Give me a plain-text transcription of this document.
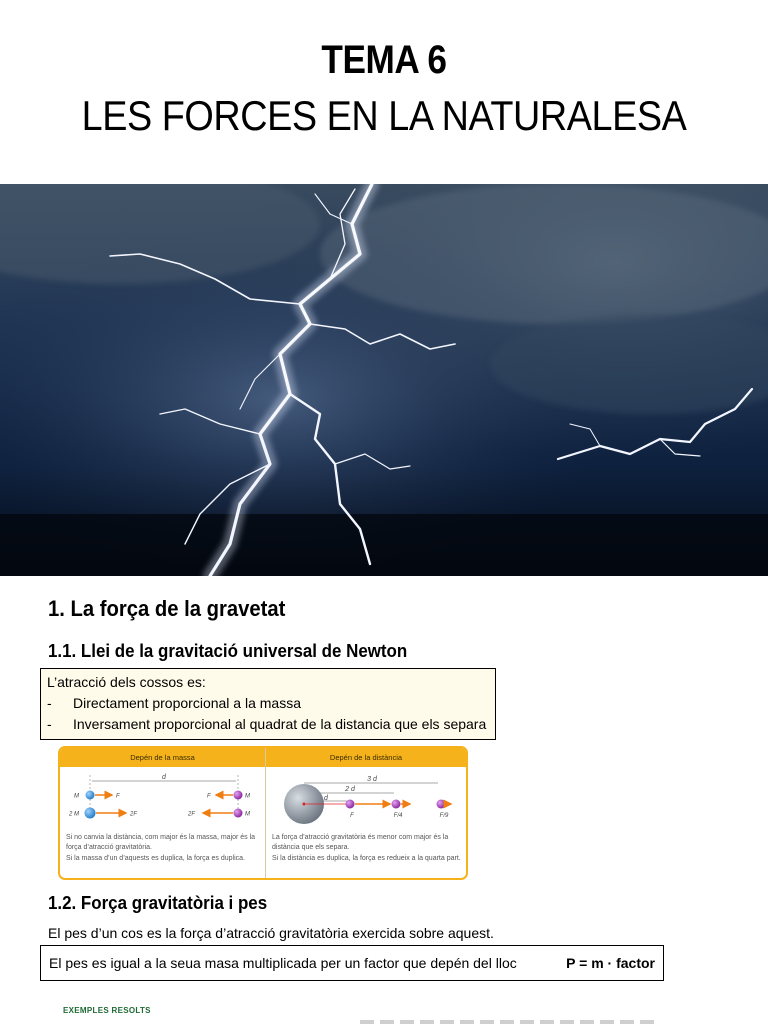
TEMA 6
LES FORCES EN LA NATURALESA
1. La força de la gravetat
1.1. Llei de la gravitació universal de Newton
L’atracció dels cossos es:
-	Directament proporcional a la massa
-	Inversament proporcional al quadrat de la distancia que els separa
Depén de la massa	Depén de la distància
d
M	F	F	M
2 M	2F	2F	M
3 d
2 d
d
F	F/4	F/9
Si no canvia la distància, com major és la massa, major és la força d’atracció gravitatòria.
Si la massa d’un d’aquests es duplica, la força es duplica.
La força d’atracció gravitatòria és menor com major és la distància que els separa.
Si la distància es duplica, la força es redueix a la quarta part.
1.2. Força gravitatòria i pes
El pes d’un cos es la força d’atracció gravitatòria exercida sobre aquest.
El pes es igual a la seua masa multiplicada per un factor que depén del lloc	P = m · factor
EXEMPLES RESOLTS
